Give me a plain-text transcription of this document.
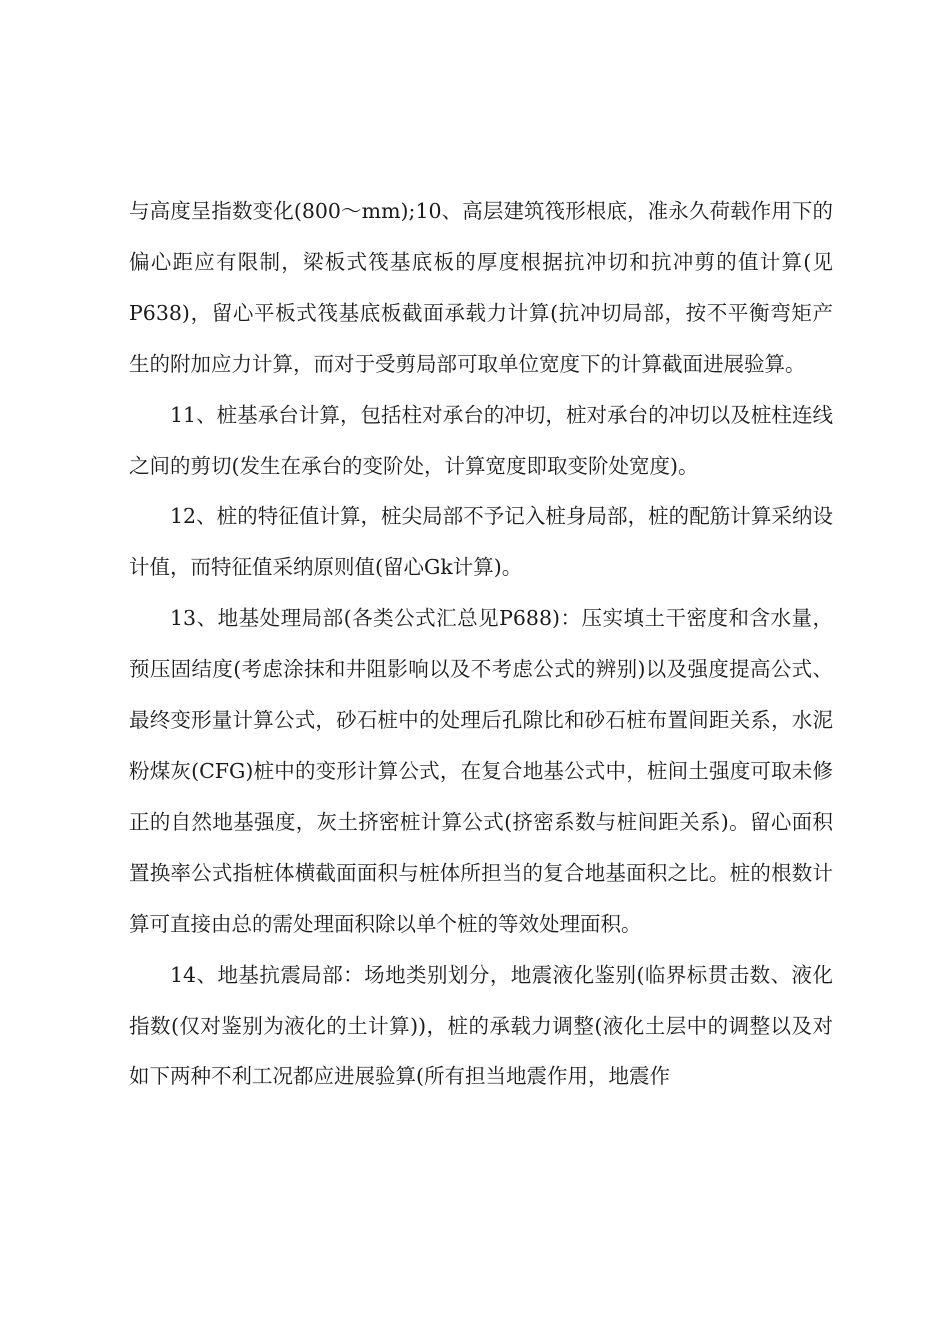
与高度呈指数变化(800～mm);10、高层建筑筏形根底，准永久荷载作用下的偏心距应有限制，梁板式筏基底板的厚度根据抗冲切和抗冲剪的值计算(见P638)，留心平板式筏基底板截面承载力计算(抗冲切局部，按不平衡弯矩产生的附加应力计算，而对于受剪局部可取单位宽度下的计算截面进展验算。

11、桩基承台计算，包括柱对承台的冲切，桩对承台的冲切以及桩柱连线之间的剪切(发生在承台的变阶处，计算宽度即取变阶处宽度)。

12、桩的特征值计算，桩尖局部不予记入桩身局部，桩的配筋计算采纳设计值，而特征值采纳原则值(留心Gk计算)。

13、地基处理局部(各类公式汇总见P688)：压实填土干密度和含水量，预压固结度(考虑涂抹和井阻影响以及不考虑公式的辨别)以及强度提高公式、最终变形量计算公式，砂石桩中的处理后孔隙比和砂石桩布置间距关系，水泥粉煤灰(CFG)桩中的变形计算公式，在复合地基公式中，桩间土强度可取未修正的自然地基强度，灰土挤密桩计算公式(挤密系数与桩间距关系)。留心面积置换率公式指桩体横截面面积与桩体所担当的复合地基面积之比。桩的根数计算可直接由总的需处理面积除以单个桩的等效处理面积。

14、地基抗震局部：场地类别划分，地震液化鉴别(临界标贯击数、液化指数(仅对鉴别为液化的土计算))，桩的承载力调整(液化土层中的调整以及对如下两种不利工况都应进展验算(所有担当地震作用，地震作
